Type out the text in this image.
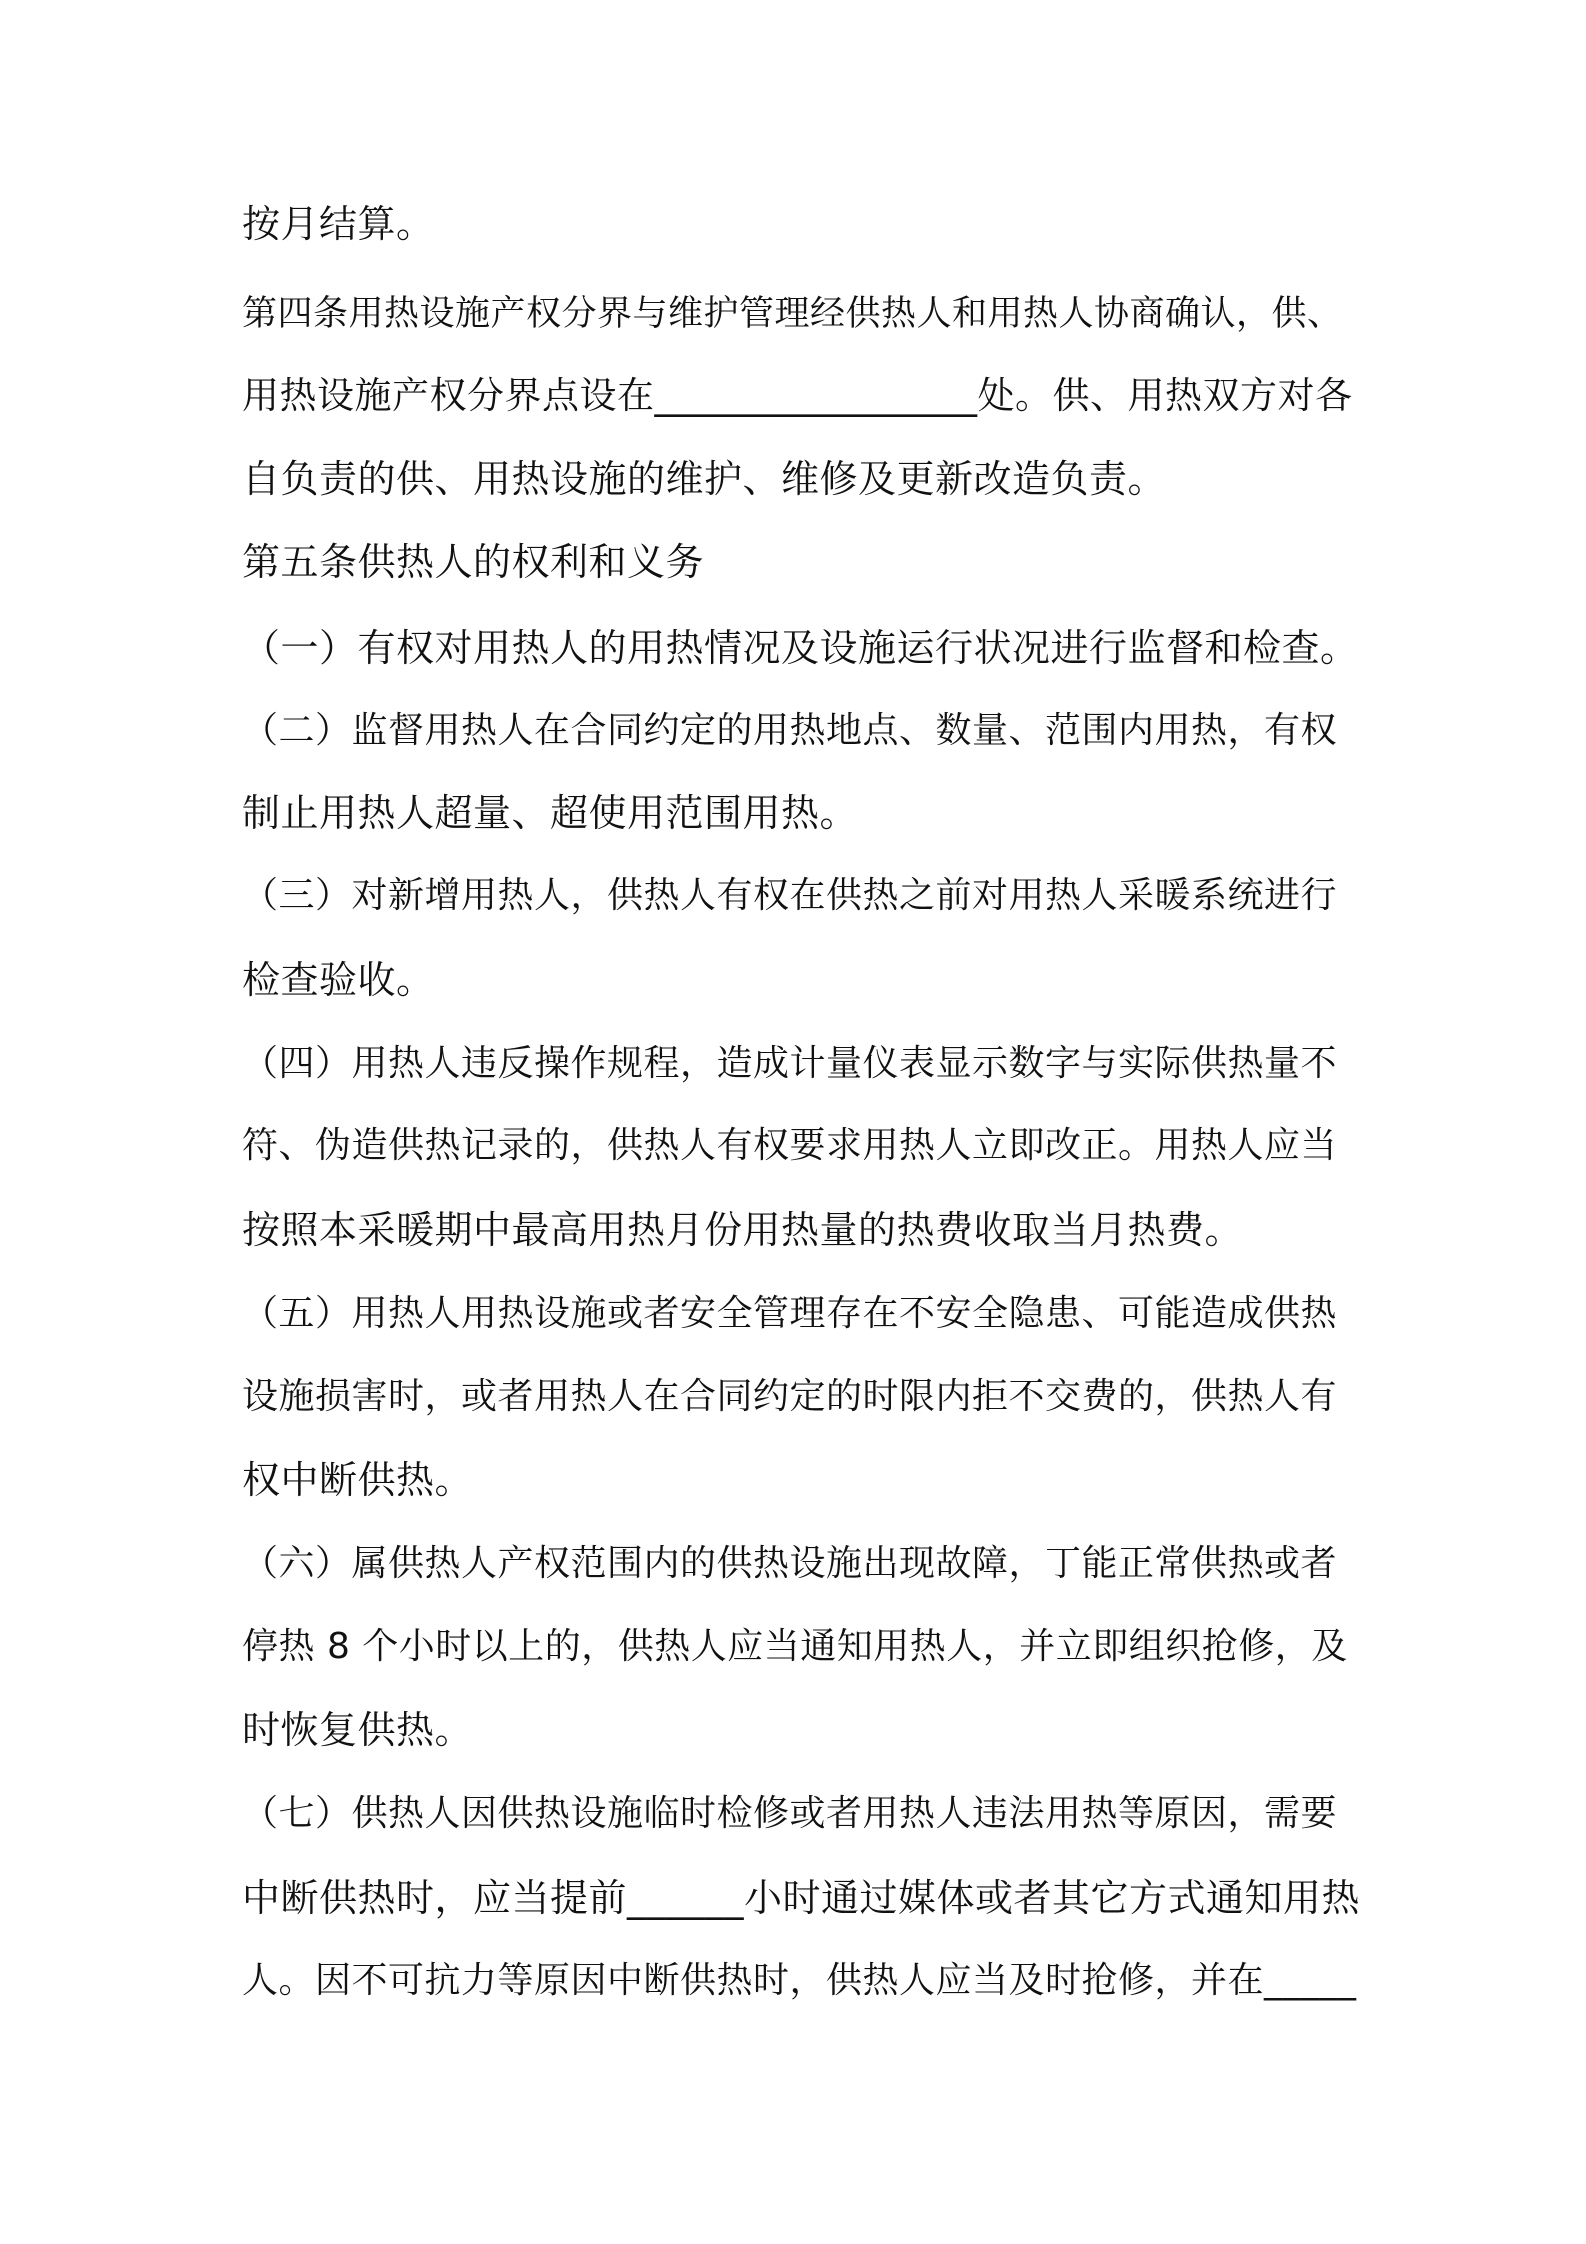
按月结算。
第四条用热设施产权分界与维护管理经供热人和用热人协商确认，供、
用热设施产权分界点设在_________________处。供、用热双方对各
自负责的供、用热设施的维护、维修及更新改造负责。
第五条供热人的权利和义务
（一）有权对用热人的用热情况及设施运行状况进行监督和检查。
（二）监督用热人在合同约定的用热地点、数量、范围内用热，有权
制止用热人超量、超使用范围用热。
（三）对新增用热人，供热人有权在供热之前对用热人采暖系统进行
检查验收。
（四）用热人违反操作规程，造成计量仪表显示数字与实际供热量不
符、伪造供热记录的，供热人有权要求用热人立即改正。用热人应当
按照本采暖期中最高用热月份用热量的热费收取当月热费。
（五）用热人用热设施或者安全管理存在不安全隐患、可能造成供热
设施损害时，或者用热人在合同约定的时限内拒不交费的，供热人有
权中断供热。
（六）属供热人产权范围内的供热设施出现故障，丁能正常供热或者
停热 8 个小时以上的，供热人应当通知用热人，并立即组织抢修，及
时恢复供热。
（七）供热人因供热设施临时检修或者用热人违法用热等原因，需要
中断供热时，应当提前______小时通过媒体或者其它方式通知用热
人。因不可抗力等原因中断供热时，供热人应当及时抢修，并在_____
